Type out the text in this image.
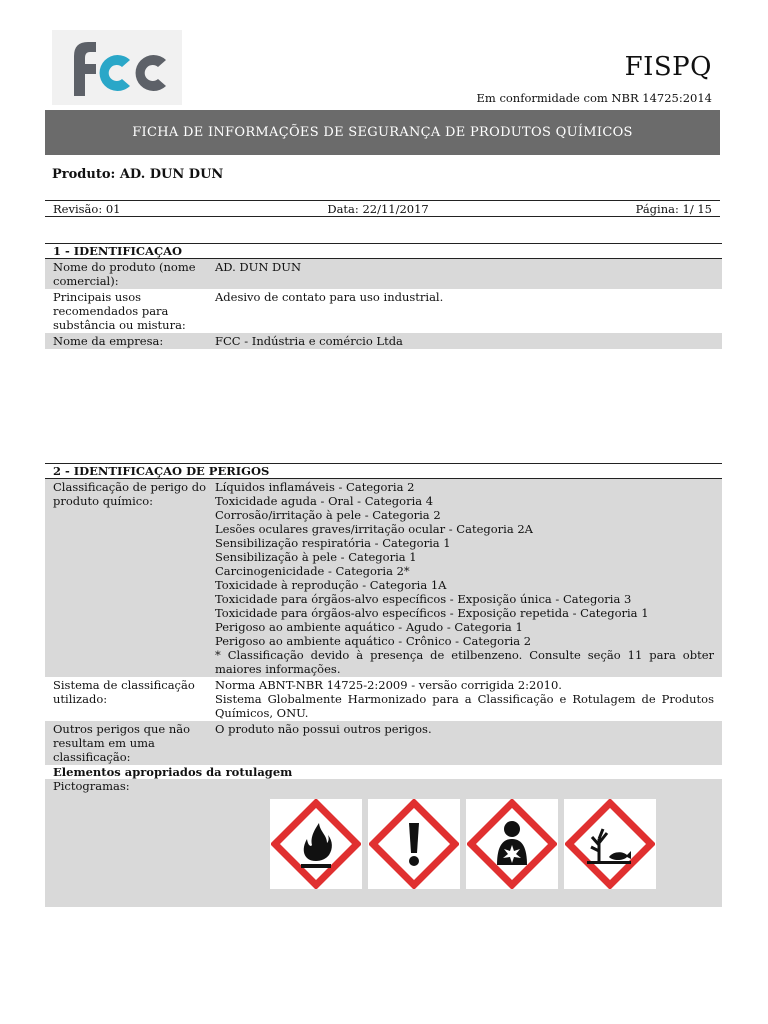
FISPQ
Em conformidade com NBR 14725:2014
FICHA DE INFORMAÇÕES DE SEGURANÇA DE PRODUTOS QUÍMICOS
Produto: AD. DUN DUN
Revisão: 01	Data: 22/11/2017	Página: 1/ 15
1 - IDENTIFICAÇAO
Nome do produto (nome comercial):
AD. DUN DUN
Principais usos recomendados para substância ou mistura:
Adesivo de contato para uso industrial.
Nome da empresa:	FCC - Indústria e comércio Ltda
2 - IDENTIFICAÇAO DE PERIGOS
Classificação de perigo do produto químico:
Líquidos inflamáveis - Categoria 2
Toxicidade aguda - Oral - Categoria 4
Corrosão/irritação à pele - Categoria 2
Lesões oculares graves/irritação ocular - Categoria 2A
Sensibilização respiratória - Categoria 1
Sensibilização à pele - Categoria 1
Carcinogenicidade - Categoria 2*
Toxicidade à reprodução - Categoria 1A
Toxicidade para órgãos-alvo específicos - Exposição única - Categoria 3
Toxicidade para órgãos-alvo específicos - Exposição repetida - Categoria 1
Perigoso ao ambiente aquático - Agudo - Categoria 1
Perigoso ao ambiente aquático - Crônico - Categoria 2
* Classificação devido à presença de etilbenzeno. Consulte seção 11 para obter maiores informações.
Sistema de classificação utilizado:
Norma ABNT-NBR 14725-2:2009 - versão corrigida 2:2010.
Sistema Globalmente Harmonizado para a Classificação e Rotulagem de Produtos Químicos, ONU.
Outros perigos que não resultam em uma classificação:
O produto não possui outros perigos.
Elementos apropriados da rotulagem
Pictogramas:
